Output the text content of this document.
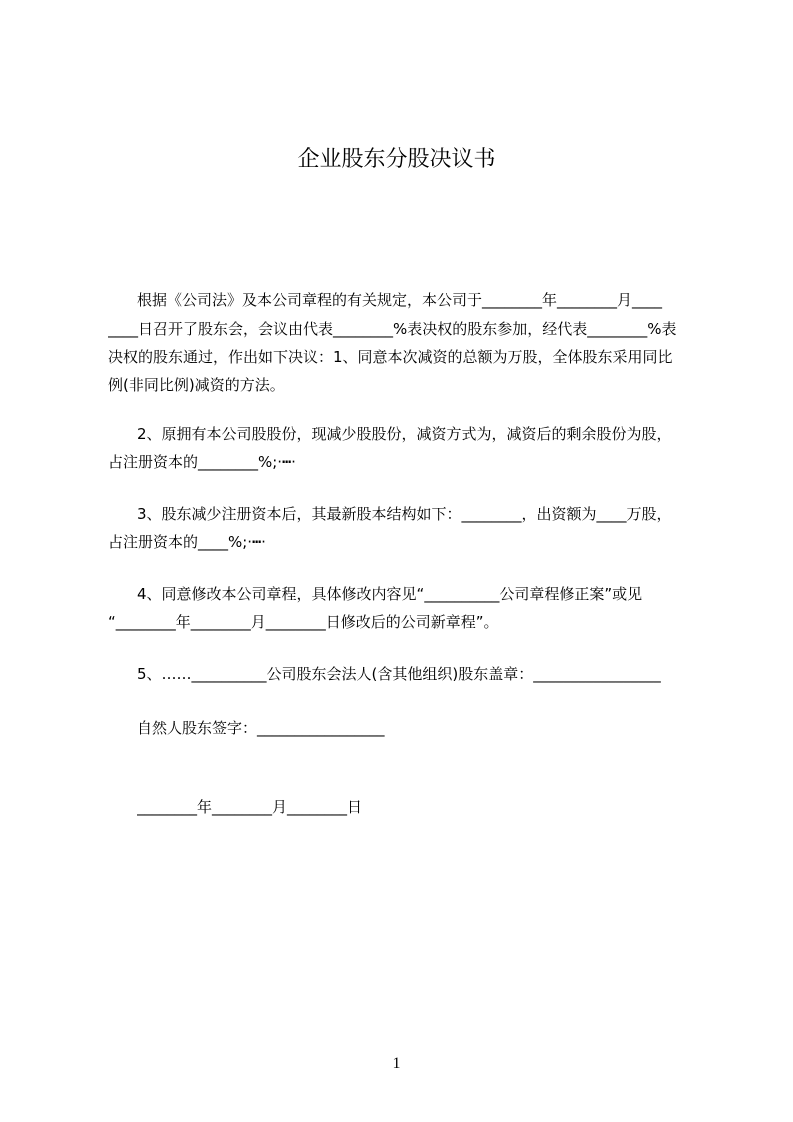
企业股东分股决议书
根据《公司法》及本公司章程的有关规定，本公司于________年________月____
____日召开了股东会，会议由代表________%表决权的股东参加，经代表________%表
决权的股东通过，作出如下决议：1、同意本次减资的总额为万股，全体股东采用同比
例(非同比例)减资的方法。
2、原拥有本公司股股份，现减少股股份，减资方式为，减资后的剩余股份为股，
占注册资本的________%;·┅·
3、股东减少注册资本后，其最新股本结构如下：________，出资额为____万股，
占注册资本的____%;·┅·
4、同意修改本公司章程，具体修改内容见“__________公司章程修正案”或见
“________年________月________日修改后的公司新章程”。
5、……__________公司股东会法人(含其他组织)股东盖章：_________________
自然人股东签字：_________________
________年________月________日
1
